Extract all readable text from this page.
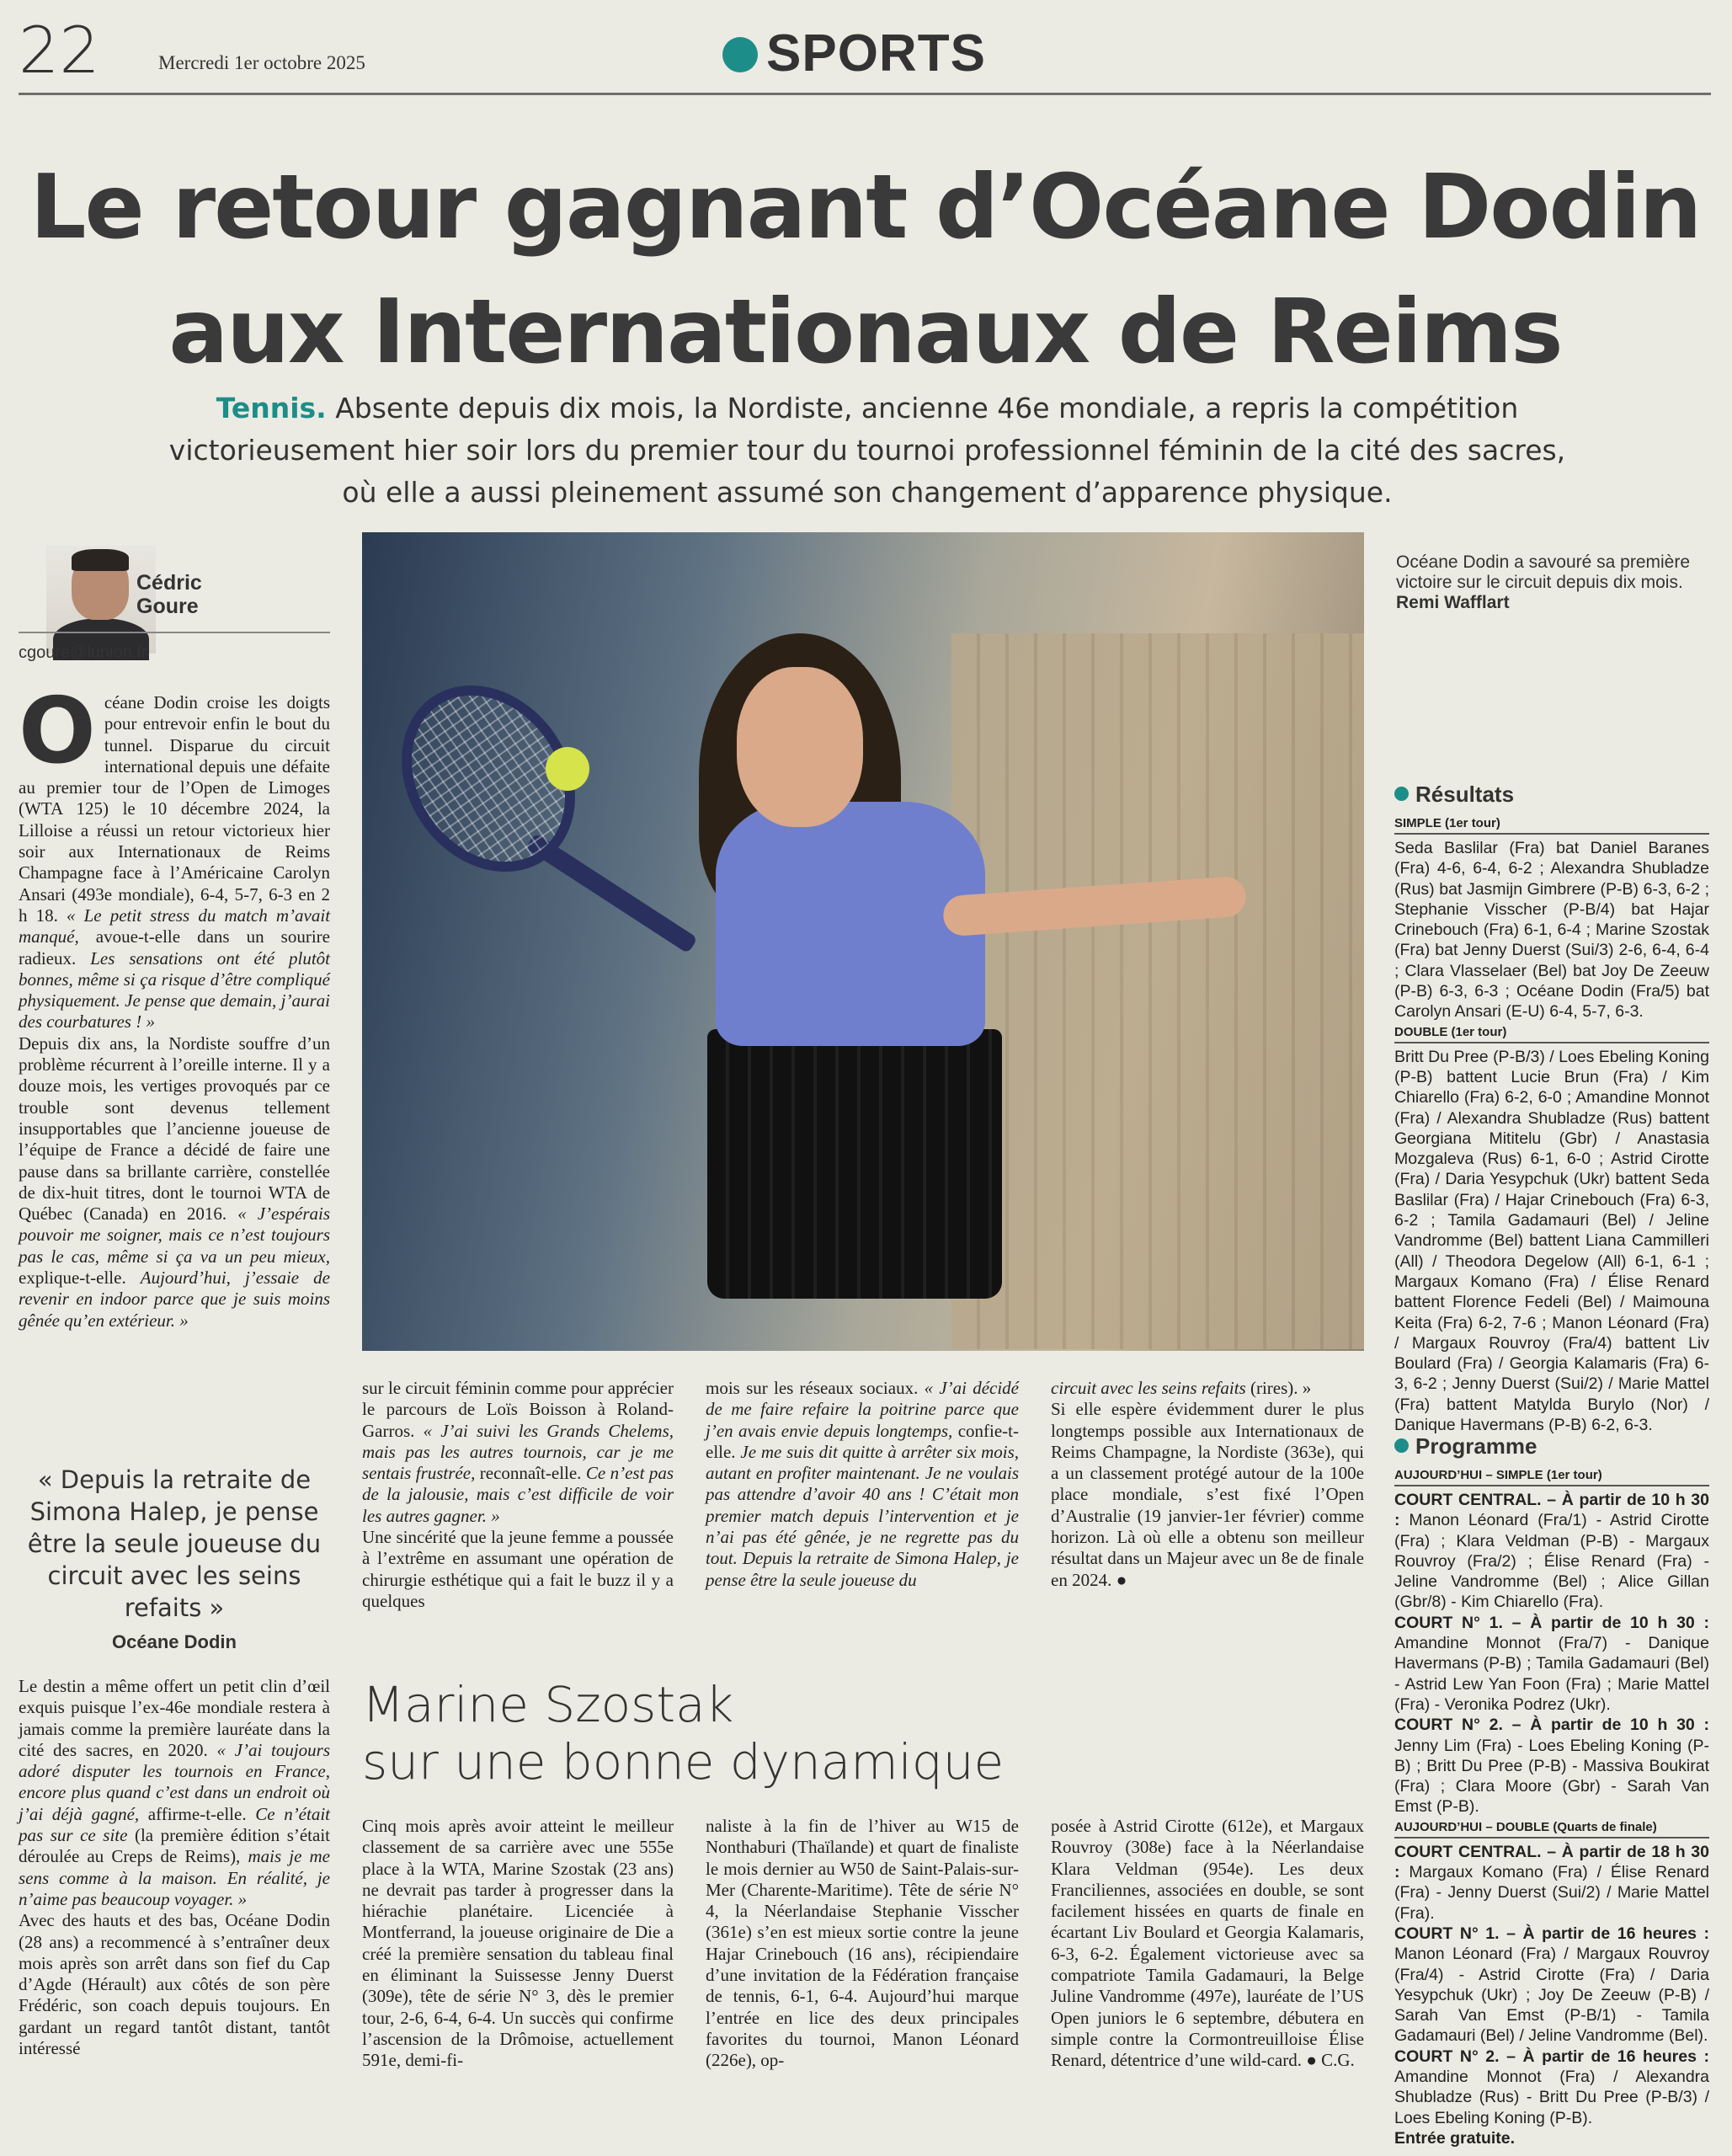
22	Mercredi 1er octobre 2025	SPORTS
Le retour gagnant d’Océane Dodin
aux Internationaux de Reims
Tennis. Absente depuis dix mois, la Nordiste, ancienne 46e mondiale, a repris la compétition victorieusement hier soir lors du premier tour du tournoi professionnel féminin de la cité des sacres, où elle a aussi pleinement assumé son changement d’apparence physique.
Cédric
Goure
cgoure@lunion.fr
Océane Dodin a savouré sa première victoire sur le circuit depuis dix mois.
Remi Wafflart

Océane Dodin croise les doigts pour entrevoir enfin le bout du tunnel. Disparue du circuit international depuis une défaite au premier tour de l’Open de Limoges (WTA 125) le 10 décembre 2024, la Lilloise a réussi un retour victorieux hier soir aux Internationaux de Reims Champagne face à l’Américaine Carolyn Ansari (493e mondiale), 6-4, 5-7, 6-3 en 2 h 18. « Le petit stress du match m’avait manqué, avoue-t-elle dans un sourire radieux. Les sensations ont été plutôt bonnes, même si ça risque d’être compliqué physiquement. Je pense que demain, j’aurai des courbatures ! »

Depuis dix ans, la Nordiste souffre d’un problème récurrent à l’oreille interne. Il y a douze mois, les vertiges provoqués par ce trouble sont devenus tellement insupportables que l’ancienne joueuse de l’équipe de France a décidé de faire une pause dans sa brillante carrière, constellée de dix-huit titres, dont le tournoi WTA de Québec (Canada) en 2016. « J’espérais pouvoir me soigner, mais ce n’est toujours pas le cas, même si ça va un peu mieux, explique-t-elle. Aujourd’hui, j’essaie de revenir en indoor parce que je suis moins gênée qu’en extérieur. »

« Depuis la retraite de Simona Halep, je pense être la seule joueuse du circuit avec les seins refaits »
Océane Dodin

Le destin a même offert un petit clin d’œil exquis puisque l’ex-46e mondiale restera à jamais comme la première lauréate dans la cité des sacres, en 2020. « J’ai toujours adoré disputer les tournois en France, encore plus quand c’est dans un endroit où j’ai déjà gagné, affirme-t-elle. Ce n’était pas sur ce site (la première édition s’était déroulée au Creps de Reims), mais je me sens comme à la maison. En réalité, je n’aime pas beaucoup voyager. »

Avec des hauts et des bas, Océane Dodin (28 ans) a recommencé à s’entraîner deux mois après son arrêt dans son fief du Cap d’Agde (Hérault) aux côtés de son père Frédéric, son coach depuis toujours. En gardant un regard tantôt distant, tantôt intéressé

sur le circuit féminin comme pour apprécier le parcours de Loïs Boisson à Roland-Garros. « J’ai suivi les Grands Chelems, mais pas les autres tournois, car je me sentais frustrée, reconnaît-elle. Ce n’est pas de la jalousie, mais c’est difficile de voir les autres gagner. »

Une sincérité que la jeune femme a poussée à l’extrême en assumant une opération de chirurgie esthétique qui a fait le buzz il y a quelques

mois sur les réseaux sociaux. « J’ai décidé de me faire refaire la poitrine parce que j’en avais envie depuis longtemps, confie-t-elle. Je me suis dit quitte à arrêter six mois, autant en profiter maintenant. Je ne voulais pas attendre d’avoir 40 ans ! C’était mon premier match depuis l’intervention et je n’ai pas été gênée, je ne regrette pas du tout. Depuis la retraite de Simona Halep, je pense être la seule joueuse du

circuit avec les seins refaits (rires). »

Si elle espère évidemment durer le plus longtemps possible aux Internationaux de Reims Champagne, la Nordiste (363e), qui a un classement protégé autour de la 100e place mondiale, s’est fixé l’Open d’Australie (19 janvier-1er février) comme horizon. Là où elle a obtenu son meilleur résultat dans un Majeur avec un 8e de finale en 2024. ●

Marine Szostak
sur une bonne dynamique

Cinq mois après avoir atteint le meilleur classement de sa carrière avec une 555e place à la WTA, Marine Szostak (23 ans) ne devrait pas tarder à progresser dans la hiérachie planétaire. Licenciée à Montferrand, la joueuse originaire de Die a créé la première sensation du tableau final en éliminant la Suissesse Jenny Duerst (309e), tête de série N° 3, dès le premier tour, 2-6, 6-4, 6-4. Un succès qui confirme l’ascension de la Drômoise, actuellement 591e, demi-fi-

naliste à la fin de l’hiver au W15 de Nonthaburi (Thaïlande) et quart de finaliste le mois dernier au W50 de Saint-Palais-sur-Mer (Charente-Maritime). Tête de série N° 4, la Néerlandaise Stephanie Visscher (361e) s’en est mieux sortie contre la jeune Hajar Crinebouch (16 ans), récipiendaire d’une invitation de la Fédération française de tennis, 6-1, 6-4. Aujourd’hui marque l’entrée en lice des deux principales favorites du tournoi, Manon Léonard (226e), op-

posée à Astrid Cirotte (612e), et Margaux Rouvroy (308e) face à la Néerlandaise Klara Veldman (954e). Les deux Franciliennes, associées en double, se sont facilement hissées en quarts de finale en écartant Liv Boulard et Georgia Kalamaris, 6-3, 6-2. Également victorieuse avec sa compatriote Tamila Gadamauri, la Belge Juline Vandromme (497e), lauréate de l’US Open juniors le 6 septembre, débutera en simple contre la Cormontreuilloise Élise Renard, détentrice d’une wild-card. ● C.G.

Résultats
SIMPLE (1er tour)

Seda Baslilar (Fra) bat Daniel Baranes (Fra) 4-6, 6-4, 6-2 ; Alexandra Shubladze (Rus) bat Jasmijn Gimbrere (P-B) 6-3, 6-2 ; Stephanie Visscher (P-B/4) bat Hajar Crinebouch (Fra) 6-1, 6-4 ; Marine Szostak (Fra) bat Jenny Duerst (Sui/3) 2-6, 6-4, 6-4 ; Clara Vlasselaer (Bel) bat Joy De Zeeuw (P-B) 6-3, 6-3 ; Océane Dodin (Fra/5) bat Carolyn Ansari (E-U) 6-4, 5-7, 6-3.

DOUBLE (1er tour)

Britt Du Pree (P-B/3) / Loes Ebeling Koning (P-B) battent Lucie Brun (Fra) / Kim Chiarello (Fra) 6-2, 6-0 ; Amandine Monnot (Fra) / Alexandra Shubladze (Rus) battent Georgiana Mititelu (Gbr) / Anastasia Mozgaleva (Rus) 6-1, 6-0 ; Astrid Cirotte (Fra) / Daria Yesypchuk (Ukr) battent Seda Baslilar (Fra) / Hajar Crinebouch (Fra) 6-3, 6-2 ; Tamila Gadamauri (Bel) / Jeline Vandromme (Bel) battent Liana Cammilleri (All) / Theodora Degelow (All) 6-1, 6-1 ; Margaux Komano (Fra) / Élise Renard battent Florence Fedeli (Bel) / Maimouna Keita (Fra) 6-2, 7-6 ; Manon Léonard (Fra) / Margaux Rouvroy (Fra/4) battent Liv Boulard (Fra) / Georgia Kalamaris (Fra) 6-3, 6-2 ; Jenny Duerst (Sui/2) / Marie Mattel (Fra) battent Matylda Burylo (Nor) / Danique Havermans (P-B) 6-2, 6-3.

Programme
AUJOURD’HUI – SIMPLE (1er tour)

COURT CENTRAL. – À partir de 10 h 30 : Manon Léonard (Fra/1) - Astrid Cirotte (Fra) ; Klara Veldman (P-B) - Margaux Rouvroy (Fra/2) ; Élise Renard (Fra) - Jeline Vandromme (Bel) ; Alice Gillan (Gbr/8) - Kim Chiarello (Fra).

COURT N° 1. – À partir de 10 h 30 : Amandine Monnot (Fra/7) - Danique Havermans (P-B) ; Tamila Gadamauri (Bel) - Astrid Lew Yan Foon (Fra) ; Marie Mattel (Fra) - Veronika Podrez (Ukr).

COURT N° 2. – À partir de 10 h 30 : Jenny Lim (Fra) - Loes Ebeling Koning (P-B) ; Britt Du Pree (P-B) - Massiva Boukirat (Fra) ; Clara Moore (Gbr) - Sarah Van Emst (P-B).

AUJOURD’HUI – DOUBLE (Quarts de finale)

COURT CENTRAL. – À partir de 18 h 30 : Margaux Komano (Fra) / Élise Renard (Fra) - Jenny Duerst (Sui/2) / Marie Mattel (Fra).

COURT N° 1. – À partir de 16 heures : Manon Léonard (Fra) / Margaux Rouvroy (Fra/4) - Astrid Cirotte (Fra) / Daria Yesypchuk (Ukr) ; Joy De Zeeuw (P-B) / Sarah Van Emst (P-B/1) - Tamila Gadamauri (Bel) / Jeline Vandromme (Bel).

COURT N° 2. – À partir de 16 heures : Amandine Monnot (Fra) / Alexandra Shubladze (Rus) - Britt Du Pree (P-B/3) / Loes Ebeling Koning (P-B).

Entrée gratuite.
